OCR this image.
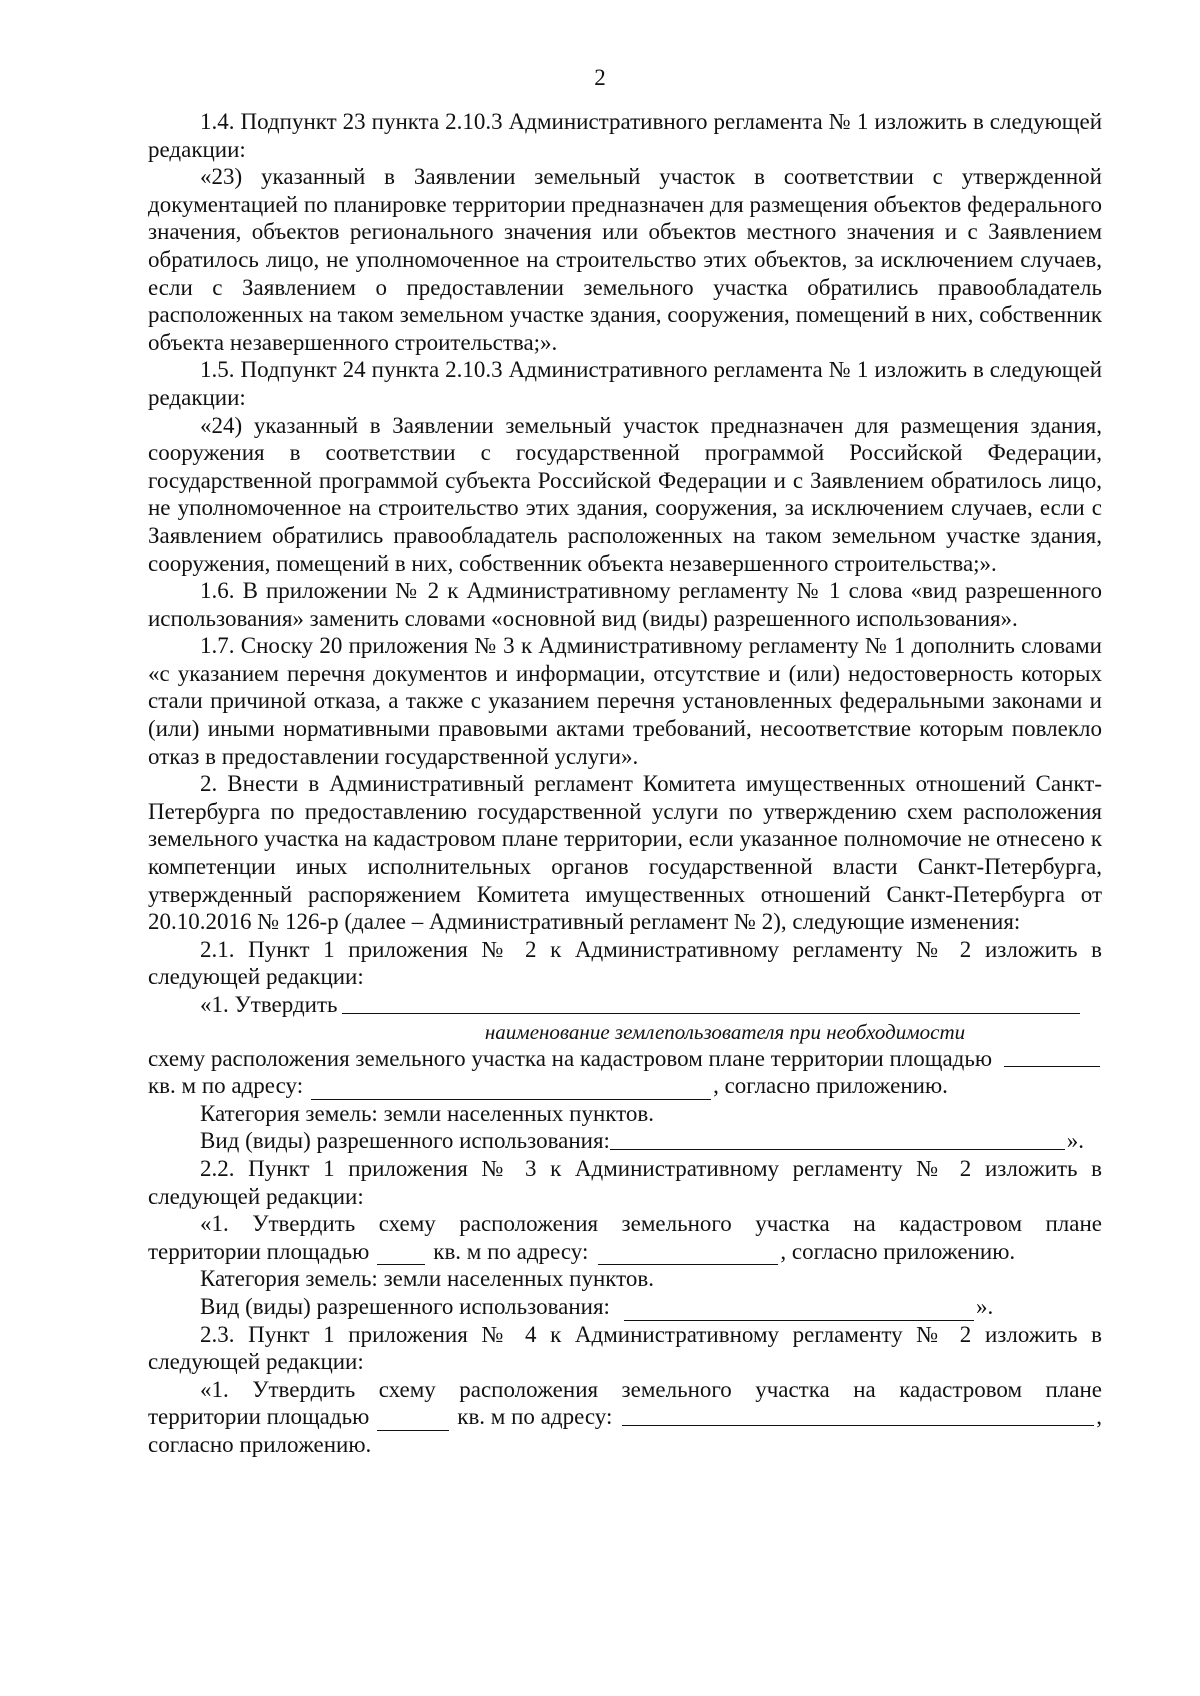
2

1.4. Подпункт 23 пункта 2.10.3 Административного регламента № 1 изложить в следующей редакции:

«23) указанный в Заявлении земельный участок в соответствии с утвержденной документацией по планировке территории предназначен для размещения объектов федерального значения, объектов регионального значения или объектов местного значения и с Заявлением обратилось лицо, не уполномоченное на строительство этих объектов, за исключением случаев, если с Заявлением о предоставлении земельного участка обратились правообладатель расположенных на таком земельном участке здания, сооружения, помещений в них, собственник объекта незавершенного строительства;».

1.5. Подпункт 24 пункта 2.10.3 Административного регламента № 1 изложить в следующей редакции:

«24) указанный в Заявлении земельный участок предназначен для размещения здания, сооружения в соответствии с государственной программой Российской Федерации, государственной программой субъекта Российской Федерации и с Заявлением обратилось лицо, не уполномоченное на строительство этих здания, сооружения, за исключением случаев, если с Заявлением обратились правообладатель расположенных на таком земельном участке здания, сооружения, помещений в них, собственник объекта незавершенного строительства;».

1.6. В приложении № 2 к Административному регламенту № 1 слова «вид разрешенного использования» заменить словами «основной вид (виды) разрешенного использования».

1.7. Сноску 20 приложения № 3 к Административному регламенту № 1 дополнить словами «с указанием перечня документов и информации, отсутствие и (или) недостоверность которых стали причиной отказа, а также с указанием перечня установленных федеральными законами и (или) иными нормативными правовыми актами требований, несоответствие которым повлекло отказ в предоставлении государственной услуги».

2. Внести в Административный регламент Комитета имущественных отношений Санкт-Петербурга по предоставлению государственной услуги по утверждению схем расположения земельного участка на кадастровом плане территории, если указанное полномочие не отнесено к компетенции иных исполнительных органов государственной власти Санкт-Петербурга, утвержденный распоряжением Комитета имущественных отношений Санкт-Петербурга от 20.10.2016 № 126-р (далее – Административный регламент № 2), следующие изменения:

2.1. Пункт 1 приложения № 2 к Административному регламенту № 2 изложить в следующей редакции:

«1. Утвердить

наименование землепользователя при необходимости

схему расположения земельного участка на кадастровом плане территории площадью
кв. м по адресу:	, согласно приложению.
Категория земель: земли населенных пунктов.
Вид (виды) разрешенного использования:	».

2.2. Пункт 1 приложения № 3 к Административному регламенту № 2 изложить в следующей редакции:

«1. Утвердить схему расположения земельного участка на кадастровом плане

территории площадью	кв. м по адресу:	, согласно приложению.
Категория земель: земли населенных пунктов.
Вид (виды) разрешенного использования:	».

2.3. Пункт 1 приложения № 4 к Административному регламенту № 2 изложить в следующей редакции:

«1. Утвердить схему расположения земельного участка на кадастровом плане

территории площадью	кв. м по адресу:	,
согласно приложению.
